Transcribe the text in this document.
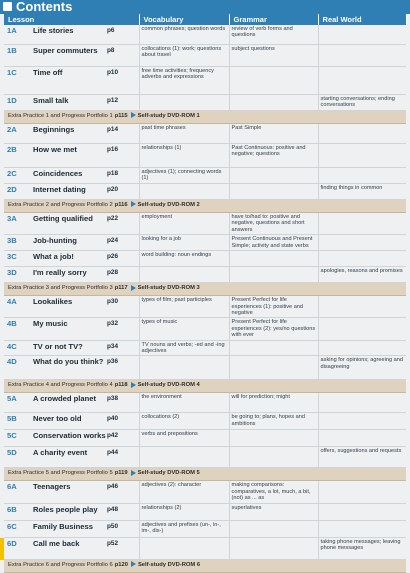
Contents
Lesson			Vocabulary	Grammar	Real World
1A	Life stories	p6	common phrases; question words	review of verb forms and questions	
1B	Super commuters	p8	collocations (1): work; questions about travel	subject questions	
1C	Time off	p10	free time activities; frequency adverbs and expressions		
1D	Small talk	p12			starting conversations; ending conversations
Extra Practice 1 and Progress Portfolio 1 p115 Self-study DVD-ROM 1					
2A	Beginnings	p14	past time phrases	Past Simple	
2B	How we met	p16	relationships (1)	Past Continuous: positive and negative; questions	
2C	Coincidences	p18	adjectives (1); connecting words (1)		
2D	Internet dating	p20			finding things in common
Extra Practice 2 and Progress Portfolio 2 p116 Self-study DVD-ROM 2					
3A	Getting qualified	p22	employment	have to/had to: positive and negative, questions and short answers	
3B	Job-hunting	p24	looking for a job	Present Continuous and Present Simple; activity and state verbs	
3C	What a job!	p26	word building: noun endings		
3D	I'm really sorry	p28			apologies, reasons and promises
Extra Practice 3 and Progress Portfolio 3 p117 Self-study DVD-ROM 3					
4A	Lookalikes	p30	types of film; past participles	Present Perfect for life experiences (1): positive and negative	
4B	My music	p32	types of music	Present Perfect for life experiences (2): yes/no questions with ever	
4C	TV or not TV?	p34	TV nouns and verbs; -ed and -ing adjectives		
4D	What do you think?	p36			asking for opinions; agreeing and disagreeing
Extra Practice 4 and Progress Portfolio 4 p118 Self-study DVD-ROM 4					
5A	A crowded planet	p38	the environment	will for prediction; might	
5B	Never too old	p40	collocations (2)	be going to; plans, hopes and ambitions	
5C	Conservation works	p42	verbs and prepositions		
5D	A charity event	p44			offers, suggestions and requests
Extra Practice 5 and Progress Portfolio 5 p119 Self-study DVD-ROM 5					
6A	Teenagers	p46	adjectives (2): character	making comparisons: comparatives, a lot, much, a bit, (not) as ... as	
6B	Roles people play	p48	relationships (2)	superlatives	
6C	Family Business	p50	adjectives and prefixes (un-, in-, im-, dis-)		
6D	Call me back	p52			taking phone messages; leaving phone messages
Extra Practice 6 and Progress Portfolio 6 p120 Self-study DVD-ROM 6					
